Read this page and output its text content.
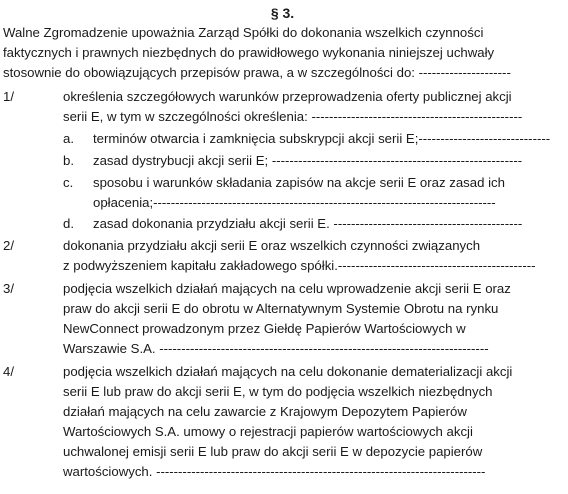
§ 3.
Walne Zgromadzenie upoważnia Zarząd Spółki do dokonania wszelkich czynności
faktycznych i prawnych niezbędnych do prawidłowego wykonania niniejszej uchwały
stosownie do obowiązujących przepisów prawa, a w szczególności do: ---------------------
1/	określenia szczegółowych warunków przeprowadzenia oferty publicznej akcji
serii E, w tym w szczególności określenia: ------------------------------------------------
a. terminów otwarcia i zamknięcia subskrypcji akcji serii E;------------------------------
b. zasad dystrybucji akcji serii E; ---------------------------------------------------------
c. sposobu i warunków składania zapisów na akcje serii E oraz zasad ich
opłacenia;------------------------------------------------------------------------------
d. zasad dokonania przydziału akcji serii E. -------------------------------------------
2/	dokonania przydziału akcji serii E oraz wszelkich czynności związanych
z podwyższeniem kapitału zakładowego spółki.---------------------------------------------
3/	podjęcia wszelkich działań mających na celu wprowadzenie akcji serii E oraz
praw do akcji serii E do obrotu w Alternatywnym Systemie Obrotu na rynku
NewConnect prowadzonym przez Giełdę Papierów Wartościowych w
Warszawie S.A. ---------------------------------------------------------------------------
4/	podjęcia wszelkich działań mających na celu dokonanie dematerializacji akcji
serii E lub praw do akcji serii E, w tym do podjęcia wszelkich niezbędnych
działań mających na celu zawarcie z Krajowym Depozytem Papierów
Wartościowych S.A. umowy o rejestracji papierów wartościowych akcji
uchwalonej emisji serii E lub praw do akcji serii E w depozycie papierów
wartościowych. ---------------------------------------------------------------------------
